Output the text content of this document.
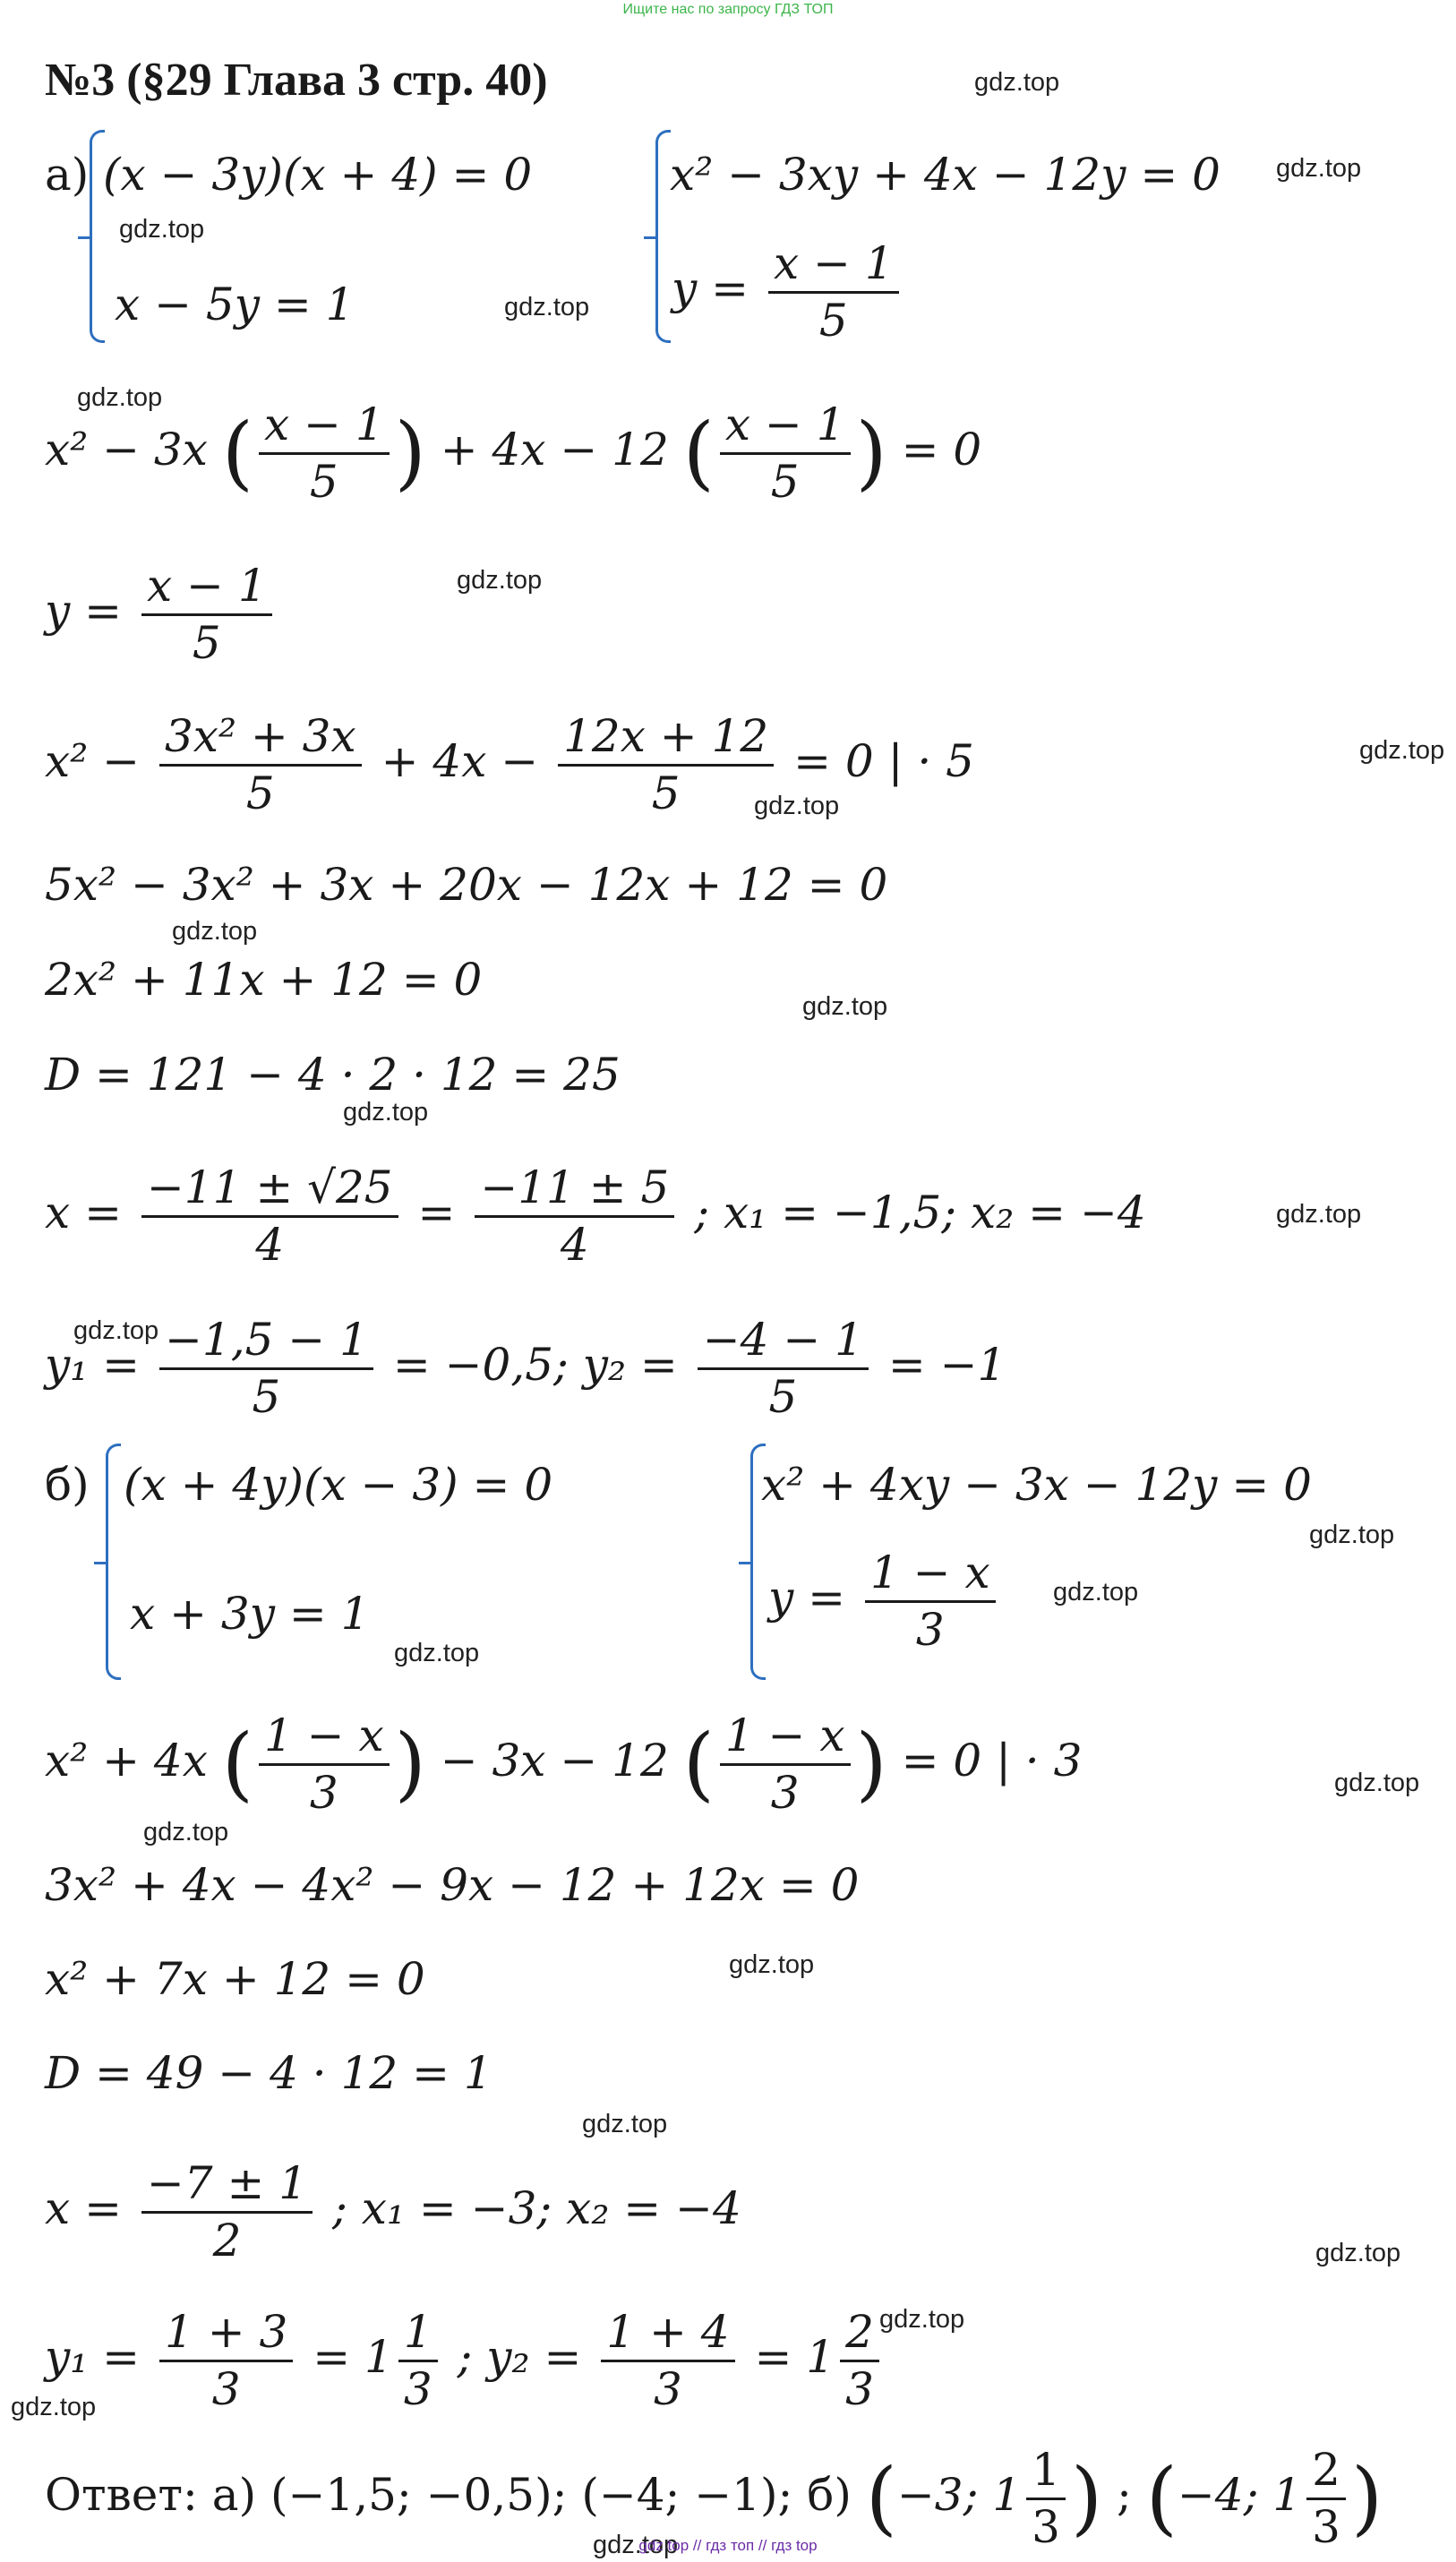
Ищите нас по запросу ГДЗ ТОП
№3 (§29 Глава 3 стр. 40)
а) (x − 3y)(x + 4) = 0
x − 5y = 1
x² − 3xy + 4x − 12y = 0
$y = \frac{x - 1}{5}$
x² − 3x ( $\frac{x - 1}{5}$ ) + 4x − 12 ( $\frac{x - 1}{5}$ ) = 0
$y = \frac{x - 1}{5}$
$x^2 - \frac{\text{3x² + 3x}}{5} + 4x - \frac{12x + 12}{5} = 0$ | · 5
5x² − 3x² + 3x + 20x − 12x + 12 = 0
2x² + 11x + 12 = 0
D = 121 − 4 · 2 · 12 = 25
$x = \frac{-11 \pm √25}{4} = \frac{-11 \pm 5}{4}$ ; x₁ = −1,5; x₂ = −4
$y_1 = \frac{-1,5 - 1}{5} = -0,5$; $y_2 = \frac{-4 - 1}{5} = -1$
б) (x + 4y)(x − 3) = 0
x + 3y = 1
x² + 4xy − 3x − 12y = 0
$y = \frac{1 - x}{3}$
x² + 4x ( $\frac{1 - x}{3}$ ) − 3x − 12 ( $\frac{1 - x}{3}$ ) = 0 | · 3
3x² + 4x − 4x² − 9x − 12 + 12x = 0
x² + 7x + 12 = 0
D = 49 − 4 · 12 = 1
$x = \frac{-7 \pm 1}{2}$ ; x₁ = −3; x₂ = −4
$y_1 = \frac{1 + 3}{3} = 1 \frac{1}{3}$ ; $y_2 = \frac{1 + 4}{3} = 1 \frac{2}{3}$
Ответ: а) (−1,5; −0,5); (−4; −1); б) (−3; $1 \frac{1}{3}$ ) ; (−4; $1 \frac{2}{3}$ )
gdz.top
gdz.top
gdz.top
gdz.top
gdz.top
gdz.top
gdz.top
gdz.top
gdz.top
gdz.top
gdz.top
gdz.top
gdz.top
gdz.top
gdz.top
gdz.top
gdz.top
gdz.top
gdz.top
gdz.top
gdz.top
gdz.top
gdz.top
gdz.top
gdz top // гдз топ // гдз top
